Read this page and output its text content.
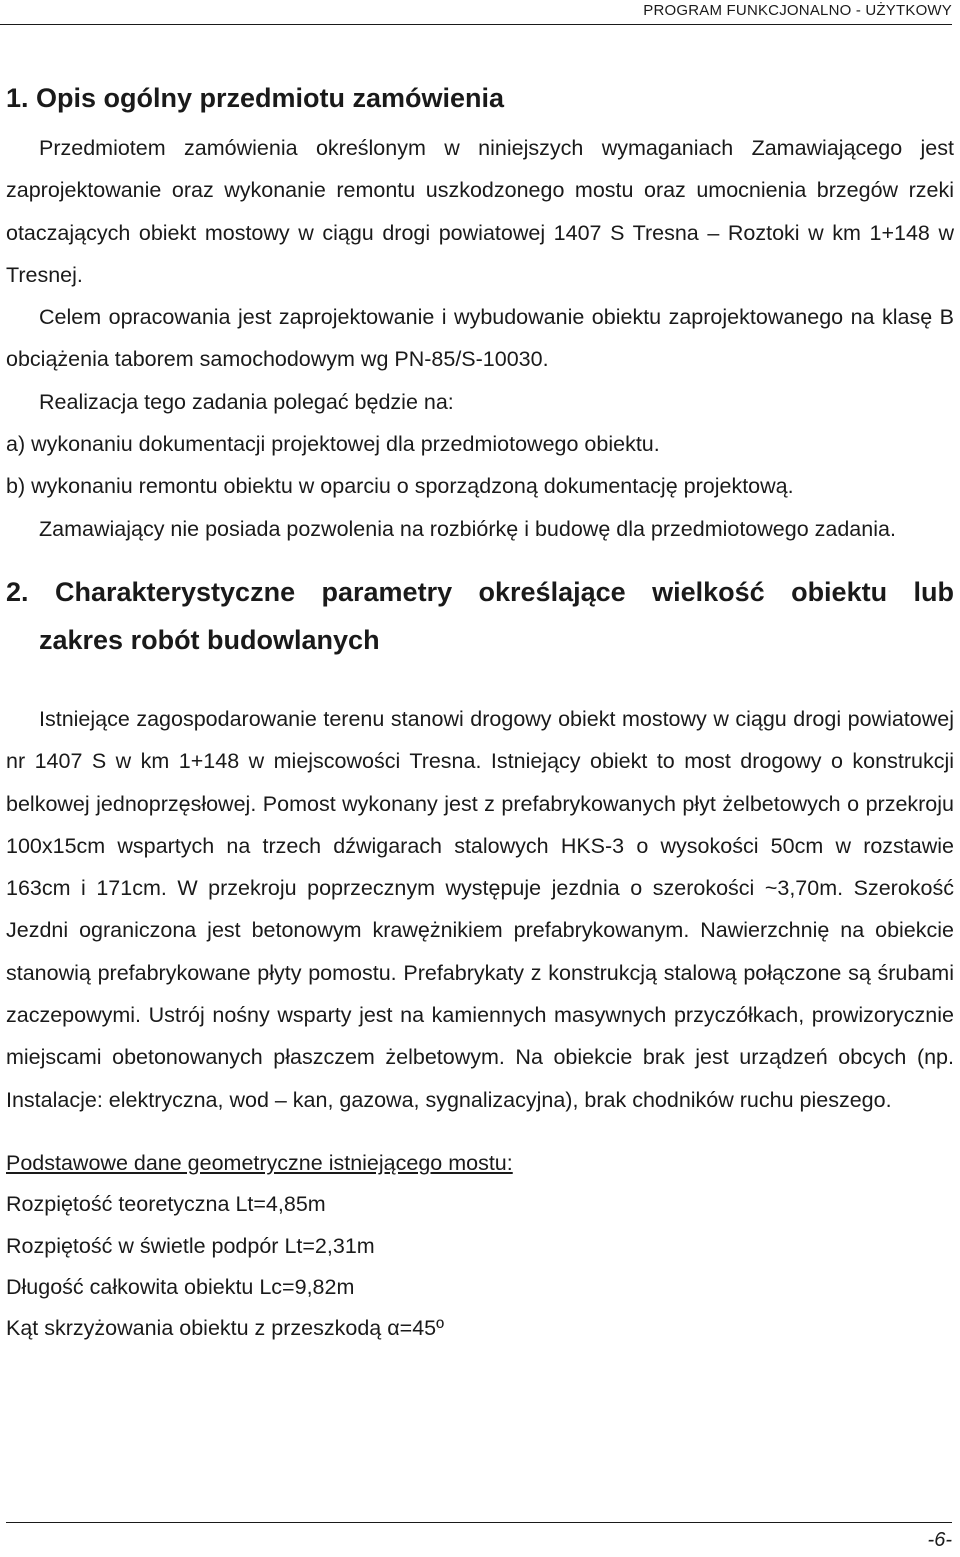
PROGRAM FUNKCJONALNO - UŻYTKOWY
1. Opis ogólny przedmiotu zamówienia

Przedmiotem zamówienia określonym w niniejszych wymaganiach Zamawiającego jest zaprojektowanie oraz wykonanie remontu uszkodzonego mostu oraz umocnienia brzegów rzeki otaczających obiekt mostowy w ciągu drogi powiatowej 1407 S Tresna – Roztoki w km 1+148 w Tresnej.

Celem opracowania jest zaprojektowanie i wybudowanie obiektu zaprojektowanego na klasę B obciążenia taborem samochodowym wg PN-85/S-10030.

Realizacja tego zadania polegać będzie na:

a) wykonaniu dokumentacji projektowej dla przedmiotowego obiektu.

b) wykonaniu remontu obiektu w oparciu o sporządzoną dokumentację projektową.

Zamawiający nie posiada pozwolenia na rozbiórkę i budowę dla przedmiotowego zadania.

2. Charakterystyczne parametry określające wielkość obiektu lub
zakres robót budowlanych

Istniejące zagospodarowanie terenu stanowi drogowy obiekt mostowy w ciągu drogi powiatowej nr 1407 S w km 1+148 w miejscowości Tresna. Istniejący obiekt to most drogowy o konstrukcji belkowej jednoprzęsłowej. Pomost wykonany jest z prefabrykowanych płyt żelbetowych o przekroju 100x15cm wspartych na trzech dźwigarach stalowych HKS-3 o wysokości 50cm w rozstawie 163cm i 171cm. W przekroju poprzecznym występuje jezdnia o szerokości ~3,70m. Szerokość Jezdni ograniczona jest betonowym krawężnikiem prefabrykowanym. Nawierzchnię na obiekcie stanowią prefabrykowane płyty pomostu. Prefabrykaty z konstrukcją stalową połączone są śrubami zaczepowymi. Ustrój nośny wsparty jest na kamiennych masywnych przyczółkach, prowizorycznie miejscami obetonowanych płaszczem żelbetowym. Na obiekcie brak jest urządzeń obcych (np. Instalacje: elektryczna, wod – kan, gazowa, sygnalizacyjna), brak chodników ruchu pieszego.

Podstawowe dane geometryczne istniejącego mostu:

Rozpiętość teoretyczna Lt=4,85m

Rozpiętość w świetle podpór Lt=2,31m

Długość całkowita obiektu Lc=9,82m

Kąt skrzyżowania obiektu z przeszkodą α=45º

-6-
